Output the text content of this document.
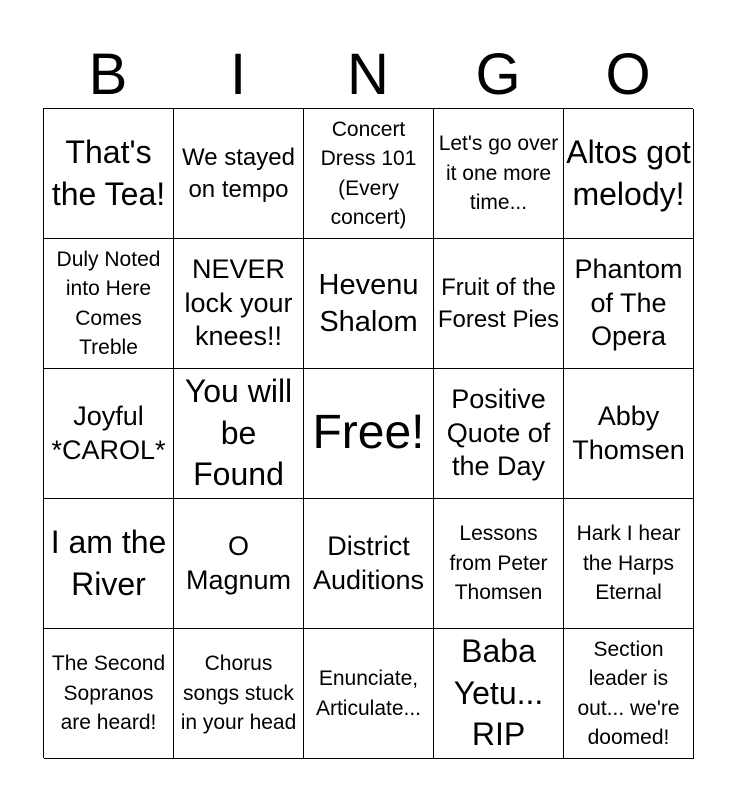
B	I	N	G	O
That's the Tea!
We stayed on tempo
Concert Dress 101 (Every concert)
Let's go over it one more time...
Altos got melody!
Duly Noted into Here Comes Treble
NEVER lock your knees!!
Hevenu Shalom
Fruit of the Forest Pies
Phantom of The Opera
Joyful *CAROL*
You will be Found
Free!
Positive Quote of the Day
Abby Thomsen
I am the River
O Magnum
District Auditions
Lessons from Peter Thomsen
Hark I hear the Harps Eternal
The Second Sopranos are heard!
Chorus songs stuck in your head
Enunciate, Articulate...
Baba Yetu... RIP
Section leader is out... we're doomed!
